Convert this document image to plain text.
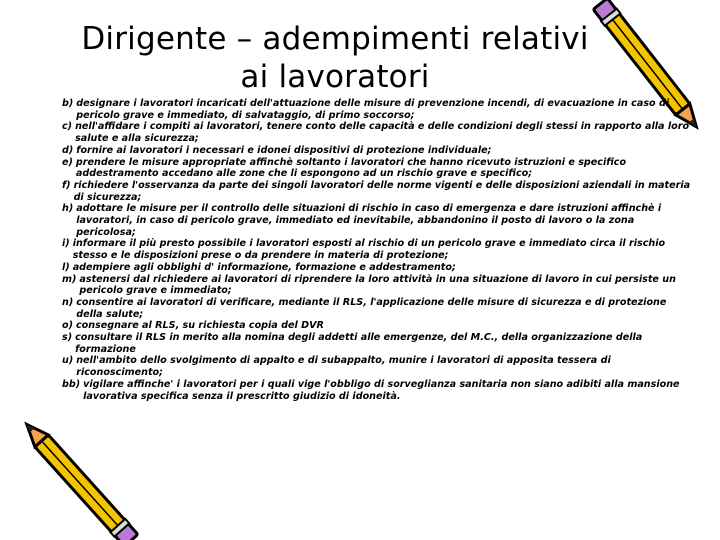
Dirigente – adempimenti relativi ai lavoratori
b) designare i lavoratori incaricati dell'attuazione delle misure di prevenzione incendi, di evacuazione in caso di pericolo grave e immediato, di salvataggio, di primo soccorso;
c) nell'affidare i compiti ai lavoratori, tenere conto delle capacità e delle condizioni degli stessi in rapporto alla loro salute e alla sicurezza;
d) fornire ai lavoratori i necessari e idonei dispositivi di protezione individuale;
e) prendere le misure appropriate affinchè soltanto i lavoratori che hanno ricevuto istruzioni e specifico addestramento accedano alle zone che li espongono ad un rischio grave e specifico;
f) richiedere l'osservanza da parte dei singoli lavoratori delle norme vigenti e delle disposizioni aziendali in materia di sicurezza;
h) adottare le misure per il controllo delle situazioni di rischio in caso di emergenza e dare istruzioni affinchè i lavoratori, in caso di pericolo grave, immediato ed inevitabile, abbandonino il posto di lavoro o la zona pericolosa;
i) informare il più presto possibile i lavoratori esposti al rischio di un pericolo grave e immediato circa il rischio stesso e le disposizioni prese o da prendere in materia di protezione;
l) adempiere agli obblighi d' informazione, formazione e addestramento;
m) astenersi dal richiedere ai lavoratori di riprendere la loro attività in una situazione di lavoro in cui persiste un pericolo grave e immediato;
n) consentire ai lavoratori di verificare, mediante il RLS, l'applicazione delle misure di sicurezza e di protezione della salute;
o) consegnare al RLS, su richiesta copia del DVR
s) consultare il RLS in merito alla nomina degli addetti alle emergenze, del M.C., della organizzazione della formazione
u) nell'ambito dello svolgimento di appalto e di subappalto, munire i lavoratori di apposita tessera di riconoscimento;
bb) vigilare affinche' i lavoratori per i quali vige l'obbligo di sorveglianza sanitaria non siano adibiti alla mansione lavorativa specifica senza il prescritto giudizio di idoneità.
